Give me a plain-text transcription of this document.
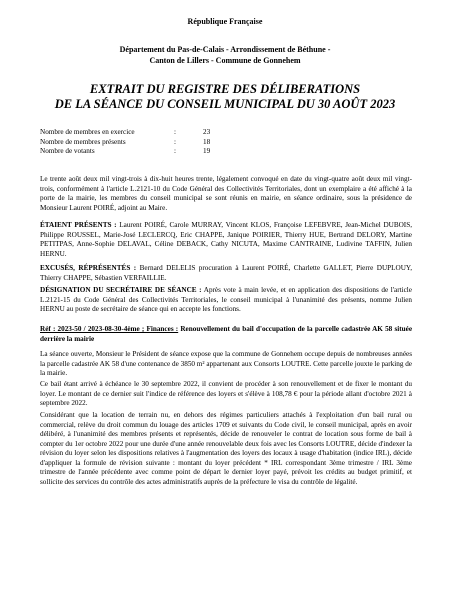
République Française
Département du Pas-de-Calais - Arrondissement de Béthune -
Canton de Lillers - Commune de Gonnehem
EXTRAIT DU REGISTRE DES DÉLIBERATIONS
DE LA SÉANCE DU CONSEIL MUNICIPAL DU 30 AOÛT 2023
Nombre de membres en exercice	:	23
Nombre de membres présents	:	18
Nombre de votants	:	19
Le trente août deux mil vingt-trois à dix-huit heures trente, légalement convoqué en date du vingt-quatre août deux mil vingt-trois, conformément à l'article L.2121-10 du Code Général des Collectivités Territoriales, dont un exemplaire a été affiché à la porte de la mairie, les membres du conseil municipal se sont réunis en mairie, en séance ordinaire, sous la présidence de Monsieur Laurent POIRÉ, adjoint au Maire.
ÉTAIENT PRÉSENTS : Laurent POIRÉ, Carole MURRAY, Vincent KLOS, Françoise LEFEBVRE, Jean-Michel DUBOIS, Philippe ROUSSEL, Marie-José LECLERCQ, Eric CHAPPE, Janique POIRIER, Thierry HUE, Bertrand DELORY, Martine PETITPAS, Anne-Sophie DELAVAL, Céline DEBACK, Cathy NICUTA, Maxime CANTRAINE, Ludivine TAFFIN, Julien HERNU.
EXCUSÉS, RÉPRÉSENTÉS : Bernard DELELIS procuration à Laurent POIRÉ, Charlette GALLET, Pierre DUPLOUY, Thierry CHAPPE, Sébastien VERFAILLIE.
DÉSIGNATION DU SECRÉTAIRE DE SÉANCE : Après vote à main levée, et en application des dispositions de l'article L.2121-15 du Code Général des Collectivités Territoriales, le conseil municipal à l'unanimité des présents, nomme Julien HERNU au poste de secrétaire de séance qui en accepte les fonctions.
Réf : 2023-50 / 2023-08-30-4ème ; Finances : Renouvellement du bail d'occupation de la parcelle cadastrée AK 58 située derrière la mairie
La séance ouverte, Monsieur le Président de séance expose que la commune de Gonnehem occupe depuis de nombreuses années la parcelle cadastrée AK 58 d'une contenance de 3850 m² appartenant aux Consorts LOUTRE. Cette parcelle jouxte le parking de la mairie.
Ce bail étant arrivé à échéance le 30 septembre 2022, il convient de procéder à son renouvellement et de fixer le montant du loyer. Le montant de ce dernier suit l'indice de référence des loyers et s'élève à 108,78 € pour la période allant d'octobre 2021 à septembre 2022.
Considérant que la location de terrain nu, en dehors des régimes particuliers attachés à l'exploitation d'un bail rural ou commercial, relève du droit commun du louage des articles 1709 et suivants du Code civil, le conseil municipal, après en avoir délibéré, à l'unanimité des membres présents et représentés, décide de renouveler le contrat de location sous forme de bail à compter du 1er octobre 2022 pour une durée d'une année renouvelable deux fois avec les Consorts LOUTRE, décide d'indexer la révision du loyer selon les dispositions relatives à l'augmentation des loyers des locaux à usage d'habitation (indice IRL), décide d'appliquer la formule de révision suivante : montant du loyer précédent * IRL correspondant 3ème trimestre / IRL 3ème trimestre de l'année précédente avec comme point de départ le dernier loyer payé, prévoit les crédits au budget primitif, et sollicite des services du contrôle des actes administratifs auprès de la préfecture le visa du contrôle de légalité.
